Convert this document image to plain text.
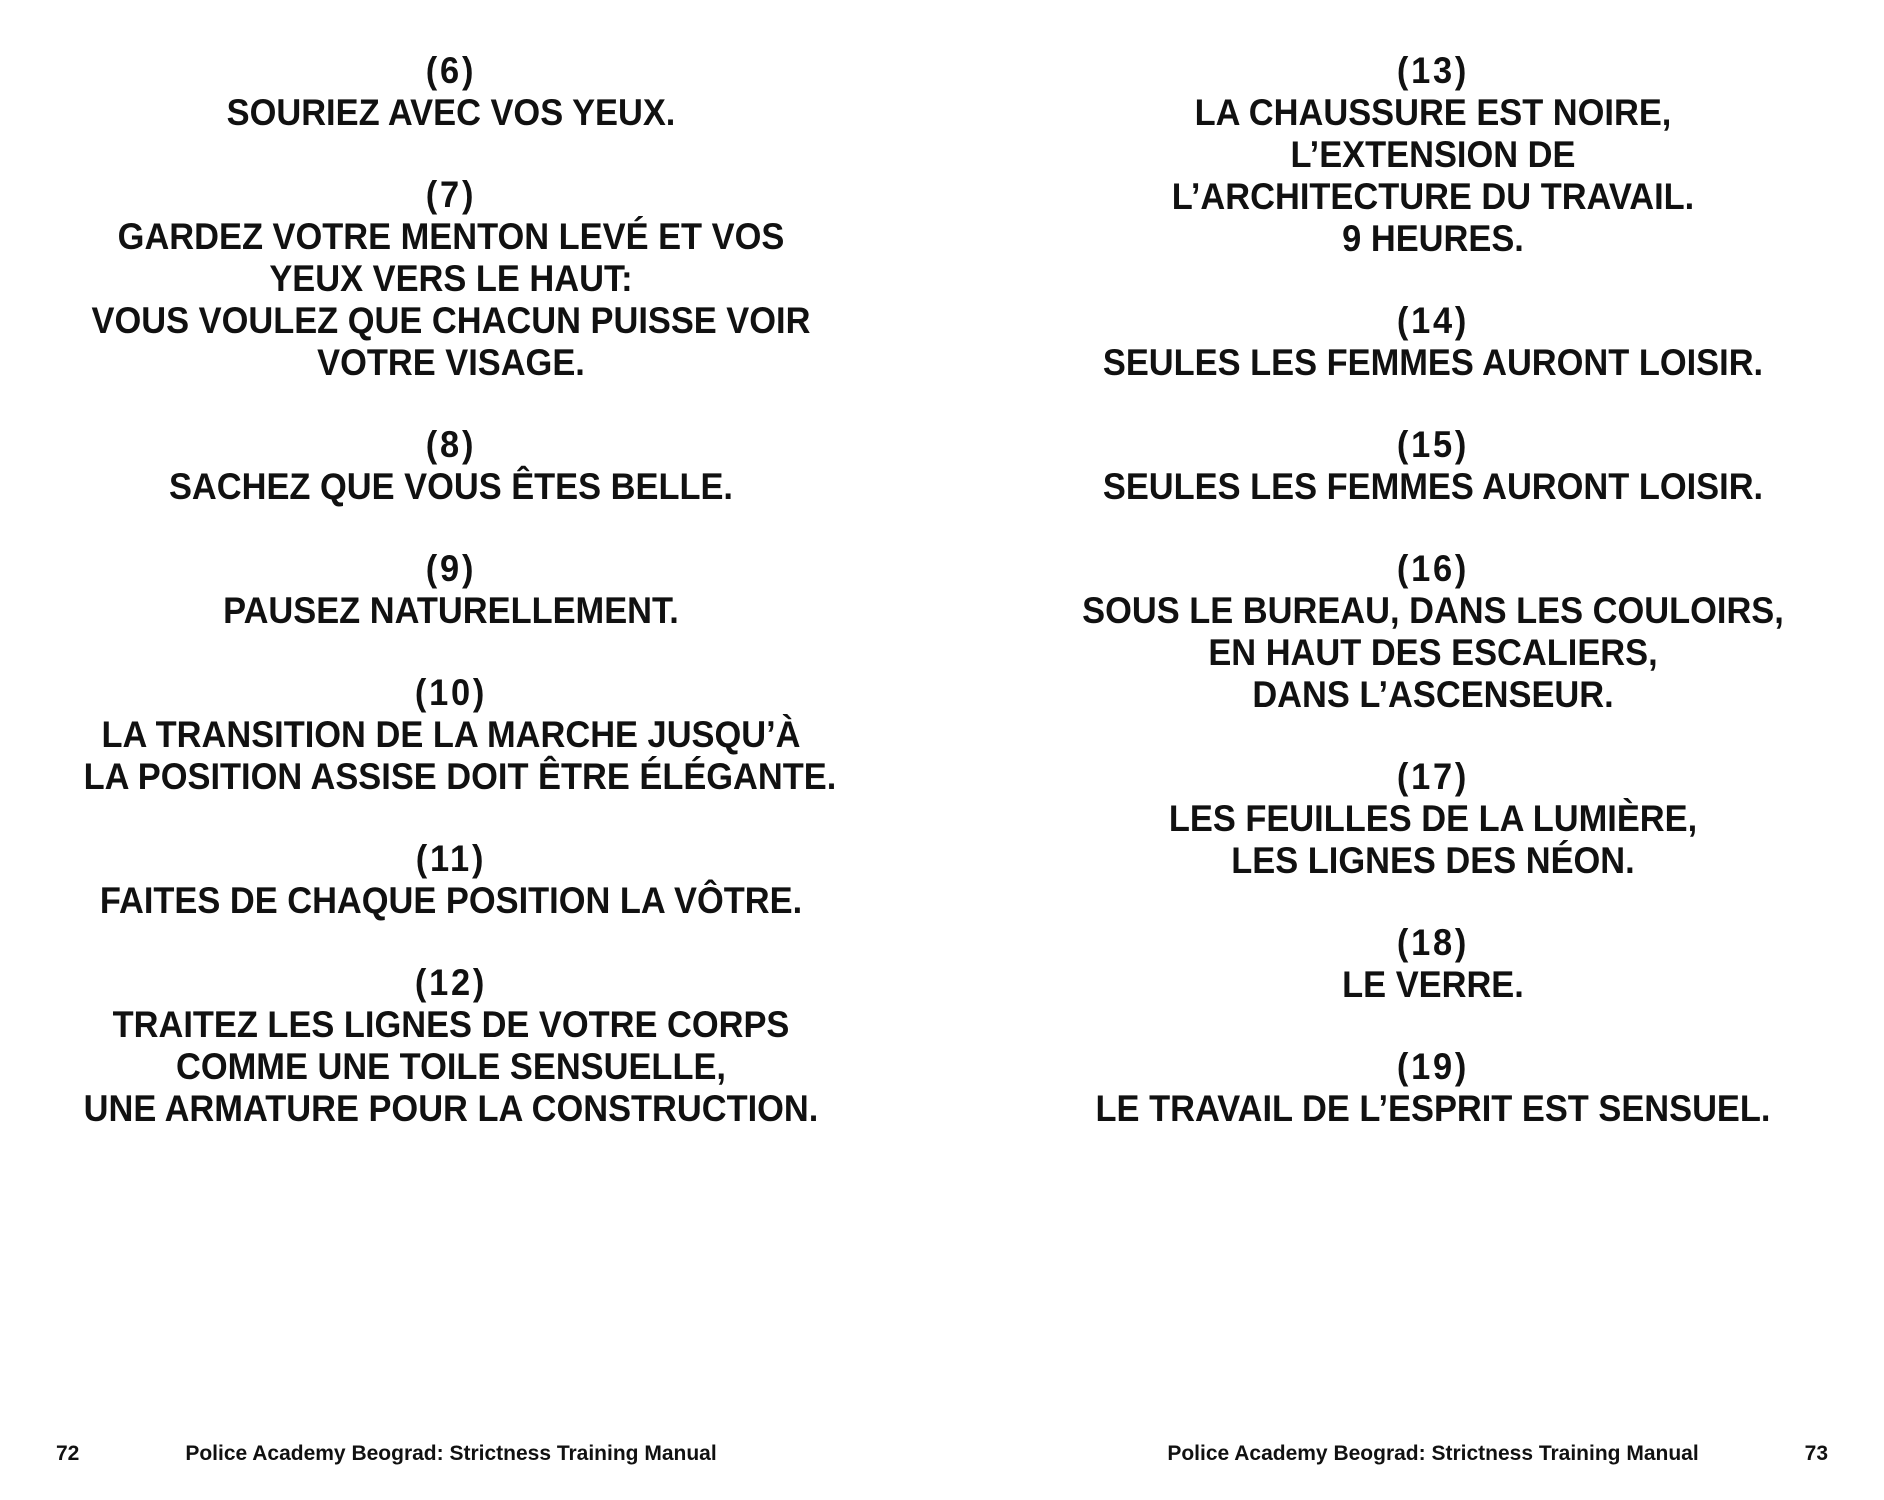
(6)
SOURIEZ AVEC VOS YEUX.
(7)
GARDEZ VOTRE MENTON LEVÉ ET VOS
YEUX VERS LE HAUT:
VOUS VOULEZ QUE CHACUN PUISSE VOIR
VOTRE VISAGE.
(8)
SACHEZ QUE VOUS ÊTES BELLE.
(9)
PAUSEZ NATURELLEMENT.
(10)
LA TRANSITION DE LA MARCHE JUSQU’À
LA POSITION ASSISE DOIT ÊTRE ÉLÉGANTE.
(11)
FAITES DE CHAQUE POSITION LA VÔTRE.
(12)
TRAITEZ LES LIGNES DE VOTRE CORPS
COMME UNE TOILE SENSUELLE,
UNE ARMATURE POUR LA CONSTRUCTION.
72	Police Academy Beograd: Strictness Training Manual
(13)
LA CHAUSSURE EST NOIRE,
L’EXTENSION DE
L’ARCHITECTURE DU TRAVAIL.
9 HEURES.
(14)
SEULES LES FEMMES AURONT LOISIR.
(15)
SEULES LES FEMMES AURONT LOISIR.
(16)
SOUS LE BUREAU, DANS LES COULOIRS,
EN HAUT DES ESCALIERS,
DANS L’ASCENSEUR.
(17)
LES FEUILLES DE LA LUMIÈRE,
LES LIGNES DES NÉON.
(18)
LE VERRE.
(19)
LE TRAVAIL DE L’ESPRIT EST SENSUEL.
Police Academy Beograd: Strictness Training Manual	73
